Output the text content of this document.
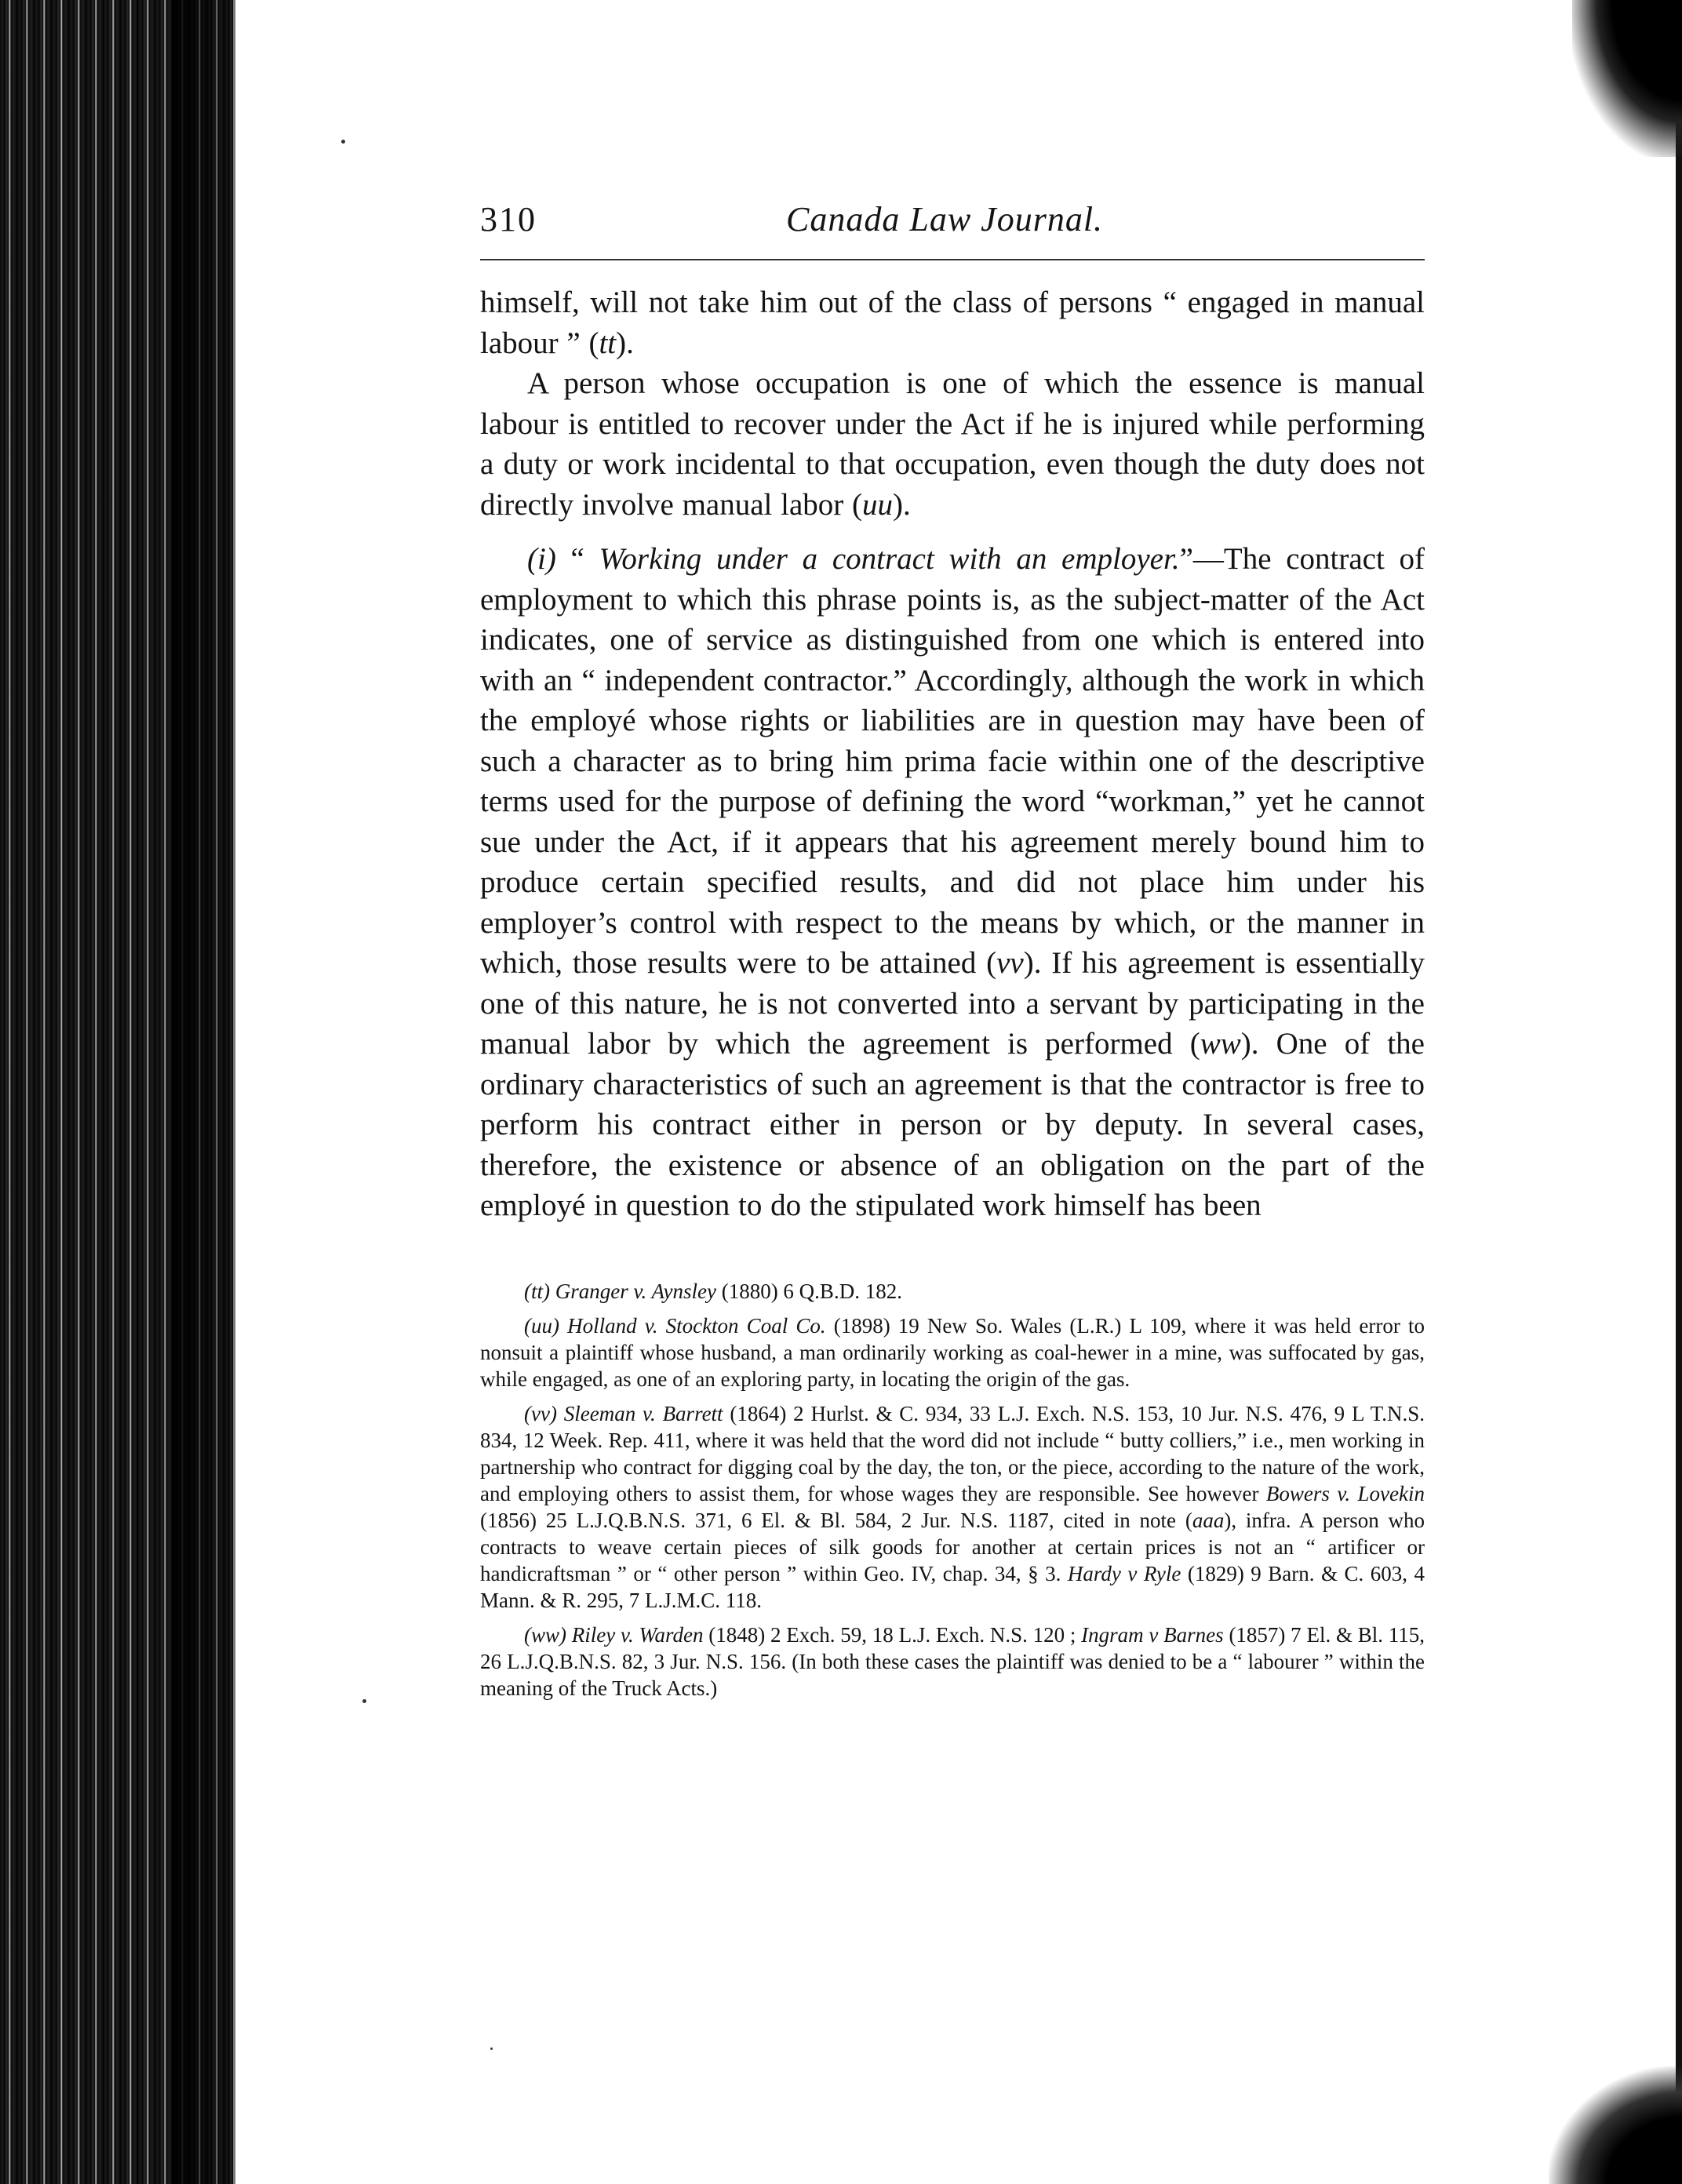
310	Canada Law Journal.

himself, will not take him out of the class of persons “ engaged in manual labour ” (tt).

A person whose occupation is one of which the essence is manual labour is entitled to recover under the Act if he is injured while performing a duty or work incidental to that occupation, even though the duty does not directly involve manual labor (uu).

(i) “ Working under a contract with an employer.”—The contract of employment to which this phrase points is, as the subject-matter of the Act indicates, one of service as distinguished from one which is entered into with an “ independent contractor.” Accordingly, although the work in which the employé whose rights or liabilities are in question may have been of such a character as to bring him prima facie within one of the descriptive terms used for the purpose of defining the word “workman,” yet he cannot sue under the Act, if it appears that his agreement merely bound him to produce certain specified results, and did not place him under his employer’s control with respect to the means by which, or the manner in which, those results were to be attained (vv). If his agreement is essentially one of this nature, he is not converted into a servant by participating in the manual labor by which the agreement is performed (ww). One of the ordinary characteristics of such an agreement is that the contractor is free to perform his contract either in person or by deputy. In several cases, therefore, the existence or absence of an obligation on the part of the employé in question to do the stipulated work himself has been

(tt) Granger v. Aynsley (1880) 6 Q.B.D. 182.

(uu) Holland v. Stockton Coal Co. (1898) 19 New So. Wales (L.R.) L 109, where it was held error to nonsuit a plaintiff whose husband, a man ordinarily working as coal-hewer in a mine, was suffocated by gas, while engaged, as one of an exploring party, in locating the origin of the gas.

(vv) Sleeman v. Barrett (1864) 2 Hurlst. & C. 934, 33 L.J. Exch. N.S. 153, 10 Jur. N.S. 476, 9 L T.N.S. 834, 12 Week. Rep. 411, where it was held that the word did not include “ butty colliers,” i.e., men working in partnership who contract for digging coal by the day, the ton, or the piece, according to the nature of the work, and employing others to assist them, for whose wages they are responsible. See however Bowers v. Lovekin (1856) 25 L.J.Q.B.N.S. 371, 6 El. & Bl. 584, 2 Jur. N.S. 1187, cited in note (aaa), infra. A person who contracts to weave certain pieces of silk goods for another at certain prices is not an “ artificer or handicraftsman ” or “ other person ” within Geo. IV, chap. 34, § 3. Hardy v Ryle (1829) 9 Barn. & C. 603, 4 Mann. & R. 295, 7 L.J.M.C. 118.

(ww) Riley v. Warden (1848) 2 Exch. 59, 18 L.J. Exch. N.S. 120 ; Ingram v Barnes (1857) 7 El. & Bl. 115, 26 L.J.Q.B.N.S. 82, 3 Jur. N.S. 156. (In both these cases the plaintiff was denied to be a “ labourer ” within the meaning of the Truck Acts.)
